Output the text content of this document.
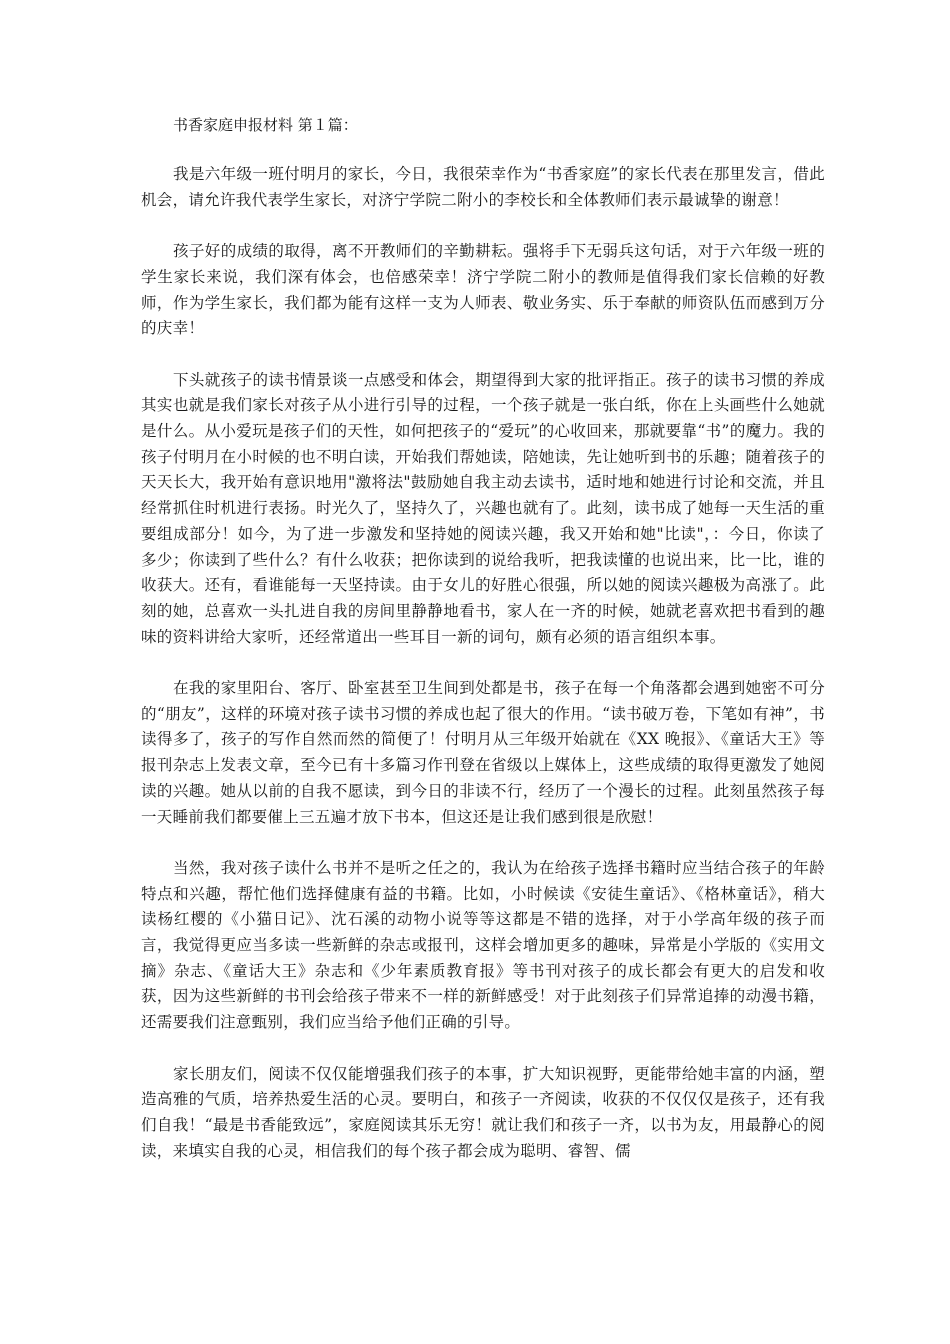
书香家庭申报材料 第１篇：

我是六年级一班付明月的家长，今日，我很荣幸作为“书香家庭”的家长代表在那里发言，借此机会，请允许我代表学生家长，对济宁学院二附小的李校长和全体教师们表示最诚挚的谢意！

孩子好的成绩的取得，离不开教师们的辛勤耕耘。强将手下无弱兵这句话，对于六年级一班的学生家长来说，我们深有体会，也倍感荣幸！济宁学院二附小的教师是值得我们家长信赖的好教师，作为学生家长，我们都为能有这样一支为人师表、敬业务实、乐于奉献的师资队伍而感到万分的庆幸！

下头就孩子的读书情景谈一点感受和体会，期望得到大家的批评指正。孩子的读书习惯的养成其实也就是我们家长对孩子从小进行引导的过程，一个孩子就是一张白纸，你在上头画些什么她就是什么。从小爱玩是孩子们的天性，如何把孩子的“爱玩”的心收回来，那就要靠“书”的魔力。我的孩子付明月在小时候的也不明白读，开始我们帮她读，陪她读，先让她听到书的乐趣；随着孩子的天天长大，我开始有意识地用"激将法"鼓励她自我主动去读书，适时地和她进行讨论和交流，并且经常抓住时机进行表扬。时光久了，坚持久了，兴趣也就有了。此刻，读书成了她每一天生活的重要组成部分！如今，为了进一步激发和坚持她的阅读兴趣，我又开始和她"比读"，：今日，你读了多少；你读到了些什么？有什么收获；把你读到的说给我听，把我读懂的也说出来，比一比，谁的收获大。还有，看谁能每一天坚持读。由于女儿的好胜心很强，所以她的阅读兴趣极为高涨了。此刻的她，总喜欢一头扎进自我的房间里静静地看书，家人在一齐的时候，她就老喜欢把书看到的趣味的资料讲给大家听，还经常道出一些耳目一新的词句，颇有必须的语言组织本事。

在我的家里阳台、客厅、卧室甚至卫生间到处都是书，孩子在每一个角落都会遇到她密不可分的“朋友”，这样的环境对孩子读书习惯的养成也起了很大的作用。“读书破万卷，下笔如有神”，书读得多了，孩子的写作自然而然的简便了！付明月从三年级开始就在《XX 晚报》、《童话大王》等报刊杂志上发表文章，至今已有十多篇习作刊登在省级以上媒体上，这些成绩的取得更激发了她阅读的兴趣。她从以前的自我不愿读，到今日的非读不行，经历了一个漫长的过程。此刻虽然孩子每一天睡前我们都要催上三五遍才放下书本，但这还是让我们感到很是欣慰！

当然，我对孩子读什么书并不是听之任之的，我认为在给孩子选择书籍时应当结合孩子的年龄特点和兴趣，帮忙他们选择健康有益的书籍。比如，小时候读《安徒生童话》、《格林童话》，稍大读杨红樱的《小猫日记》、沈石溪的动物小说等等这都是不错的选择，对于小学高年级的孩子而言，我觉得更应当多读一些新鲜的杂志或报刊，这样会增加更多的趣味，异常是小学版的《实用文摘》杂志、《童话大王》杂志和《少年素质教育报》等书刊对孩子的成长都会有更大的启发和收获，因为这些新鲜的书刊会给孩子带来不一样的新鲜感受！对于此刻孩子们异常追捧的动漫书籍，还需要我们注意甄别，我们应当给予他们正确的引导。

家长朋友们，阅读不仅仅能增强我们孩子的本事，扩大知识视野，更能带给她丰富的内涵，塑造高雅的气质，培养热爱生活的心灵。要明白，和孩子一齐阅读，收获的不仅仅仅是孩子，还有我们自我！“最是书香能致远”，家庭阅读其乐无穷！就让我们和孩子一齐，以书为友，用最静心的阅读，来填实自我的心灵，相信我们的每个孩子都会成为聪明、睿智、儒
